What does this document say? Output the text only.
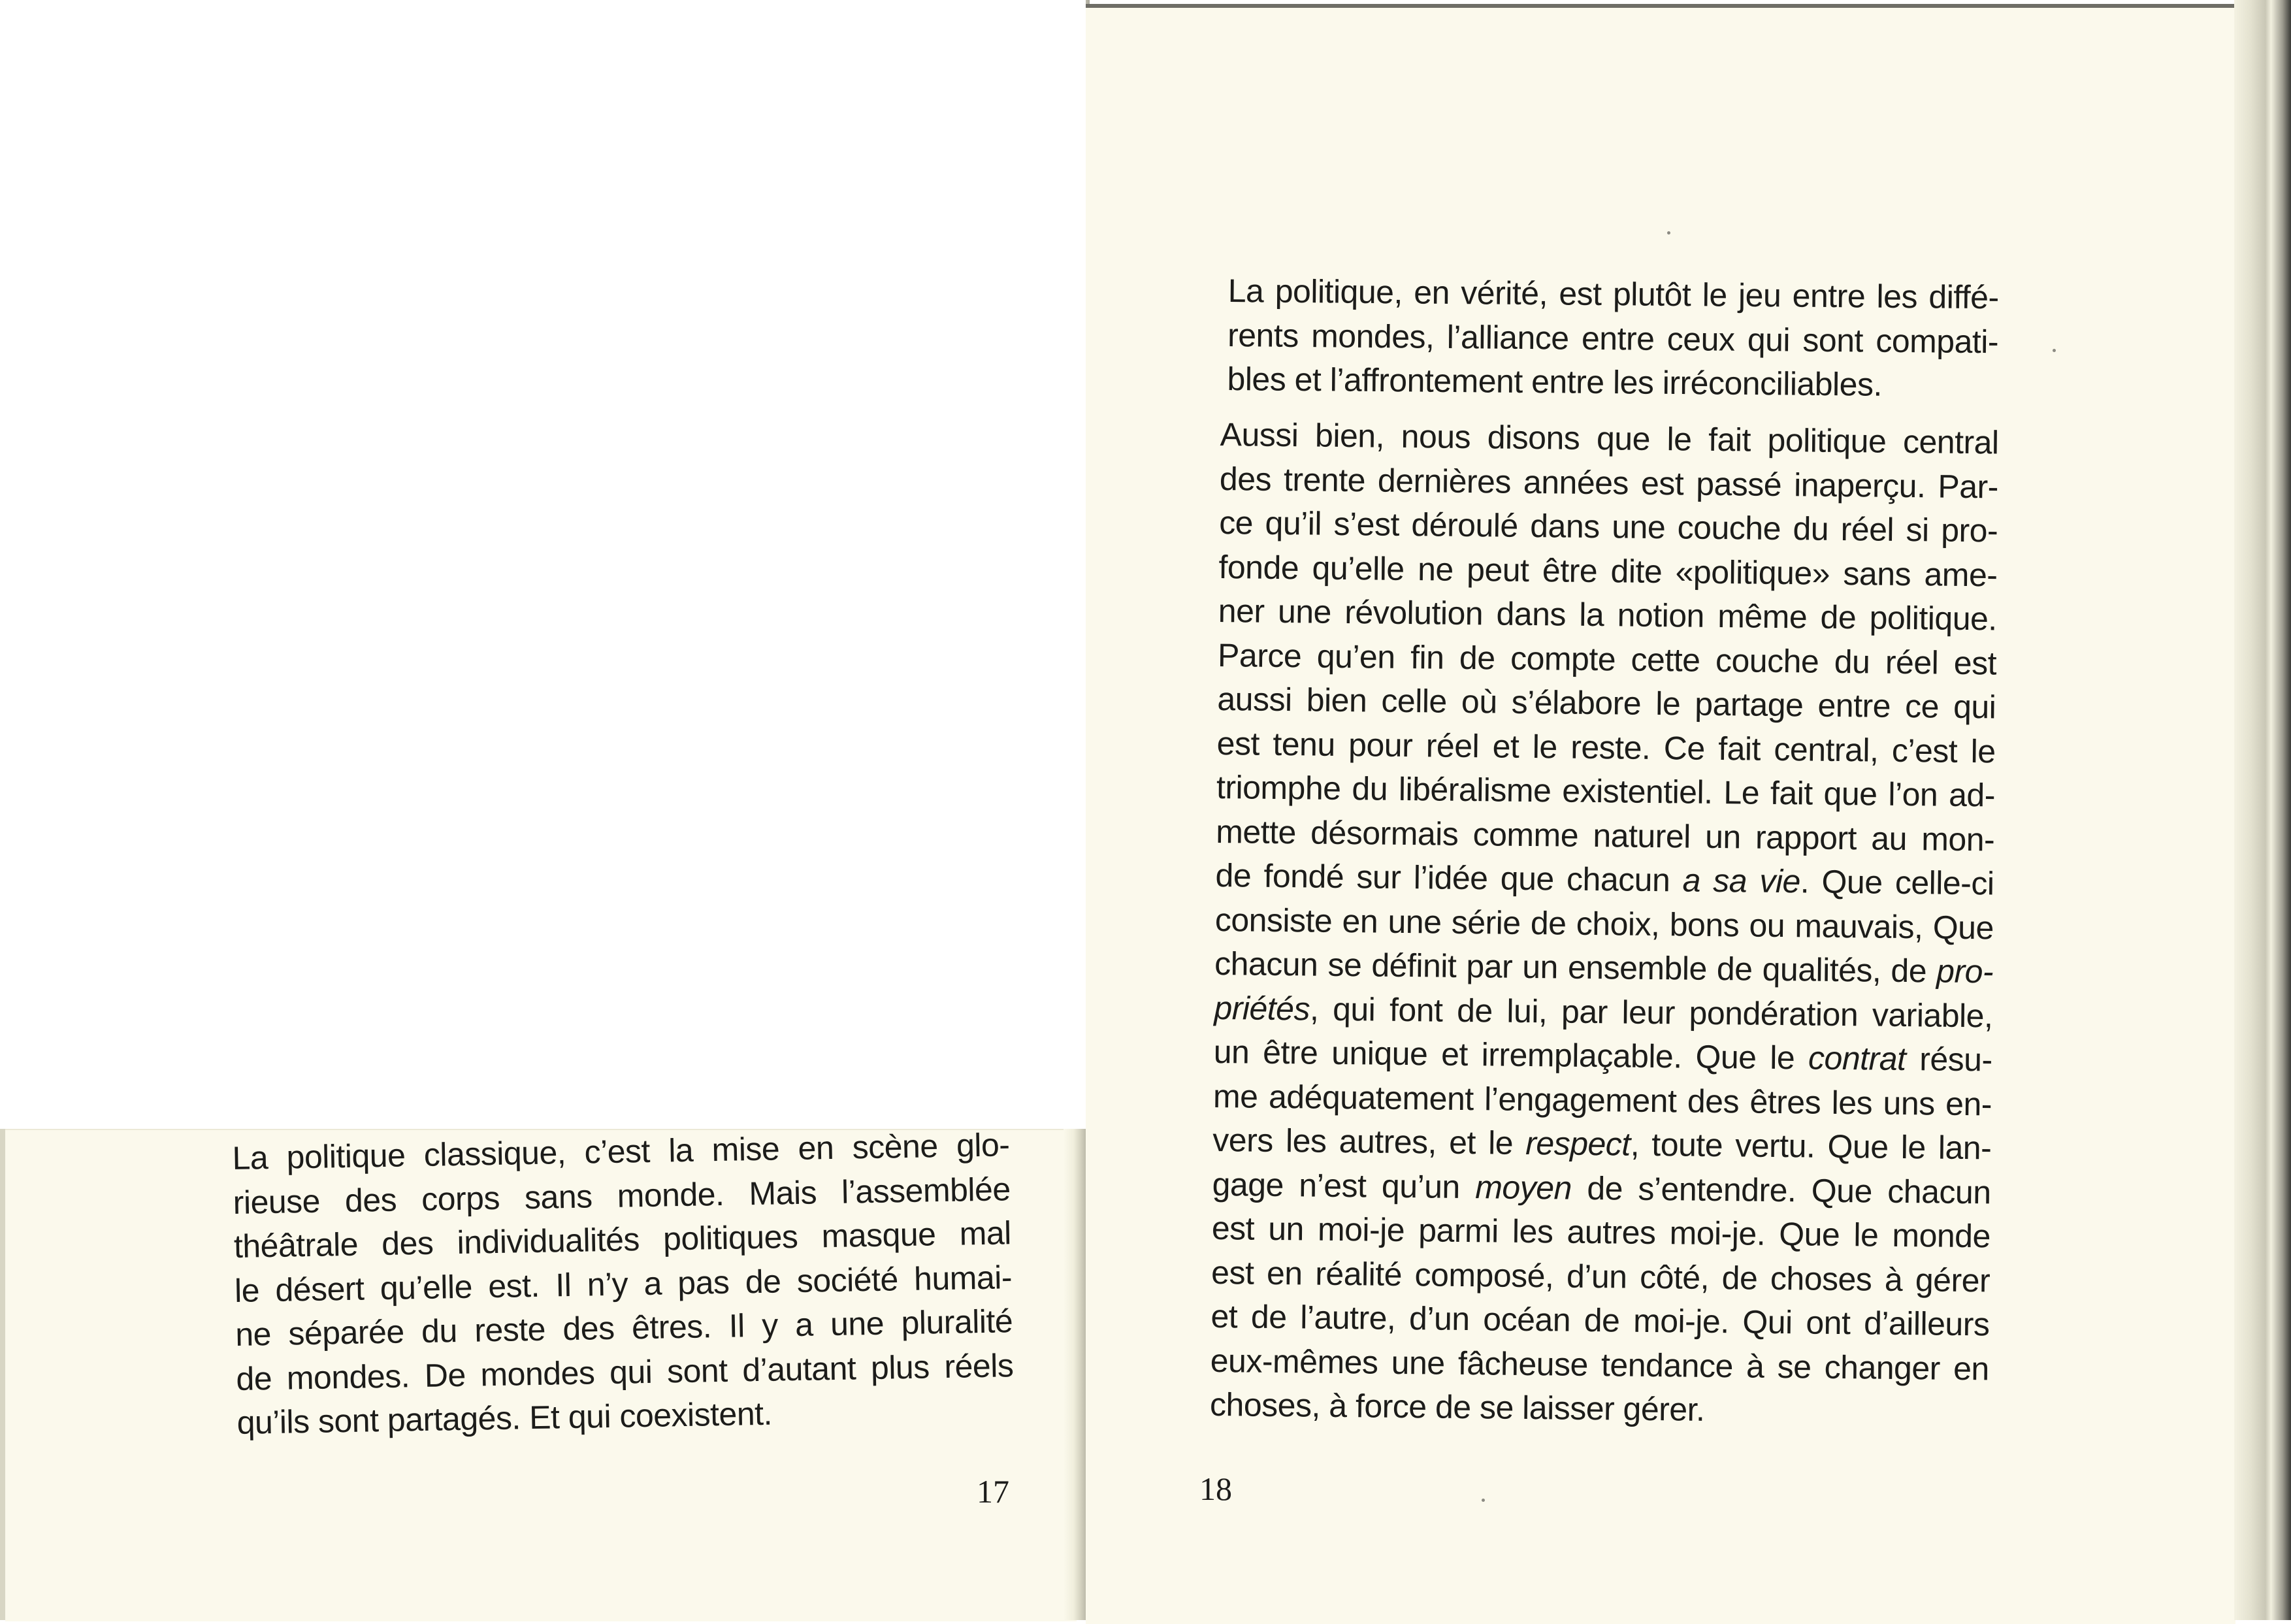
La politique classique, c’est la mise en scène glo-
rieuse des corps sans monde. Mais l’assemblée
théâtrale des individualités politiques masque mal
le désert qu’elle est. Il n’y a pas de société humai-
ne séparée du reste des êtres. Il y a une pluralité
de mondes. De mondes qui sont d’autant plus réels
qu’ils sont partagés. Et qui coexistent.
17
La politique, en vérité, est plutôt le jeu entre les diffé-
rents mondes, l’alliance entre ceux qui sont compati-
bles et l’affrontement entre les irréconciliables.
Aussi bien, nous disons que le fait politique central
des trente dernières années est passé inaperçu. Par-
ce qu’il s’est déroulé dans une couche du réel si pro-
fonde qu’elle ne peut être dite «politique» sans ame-
ner une révolution dans la notion même de politique.
Parce qu’en fin de compte cette couche du réel est
aussi bien celle où s’élabore le partage entre ce qui
est tenu pour réel et le reste. Ce fait central, c’est le
triomphe du libéralisme existentiel. Le fait que l’on ad-
mette désormais comme naturel un rapport au mon-
de fondé sur l’idée que chacun a sa vie. Que celle-ci
consiste en une série de choix, bons ou mauvais, Que
chacun se définit par un ensemble de qualités, de pro-
priétés, qui font de lui, par leur pondération variable,
un être unique et irremplaçable. Que le contrat résu-
me adéquatement l’engagement des êtres les uns en-
vers les autres, et le respect, toute vertu. Que le lan-
gage n’est qu’un moyen de s’entendre. Que chacun
est un moi-je parmi les autres moi-je. Que le monde
est en réalité composé, d’un côté, de choses à gérer
et de l’autre, d’un océan de moi-je. Qui ont d’ailleurs
eux-mêmes une fâcheuse tendance à se changer en
choses, à force de se laisser gérer.
18
